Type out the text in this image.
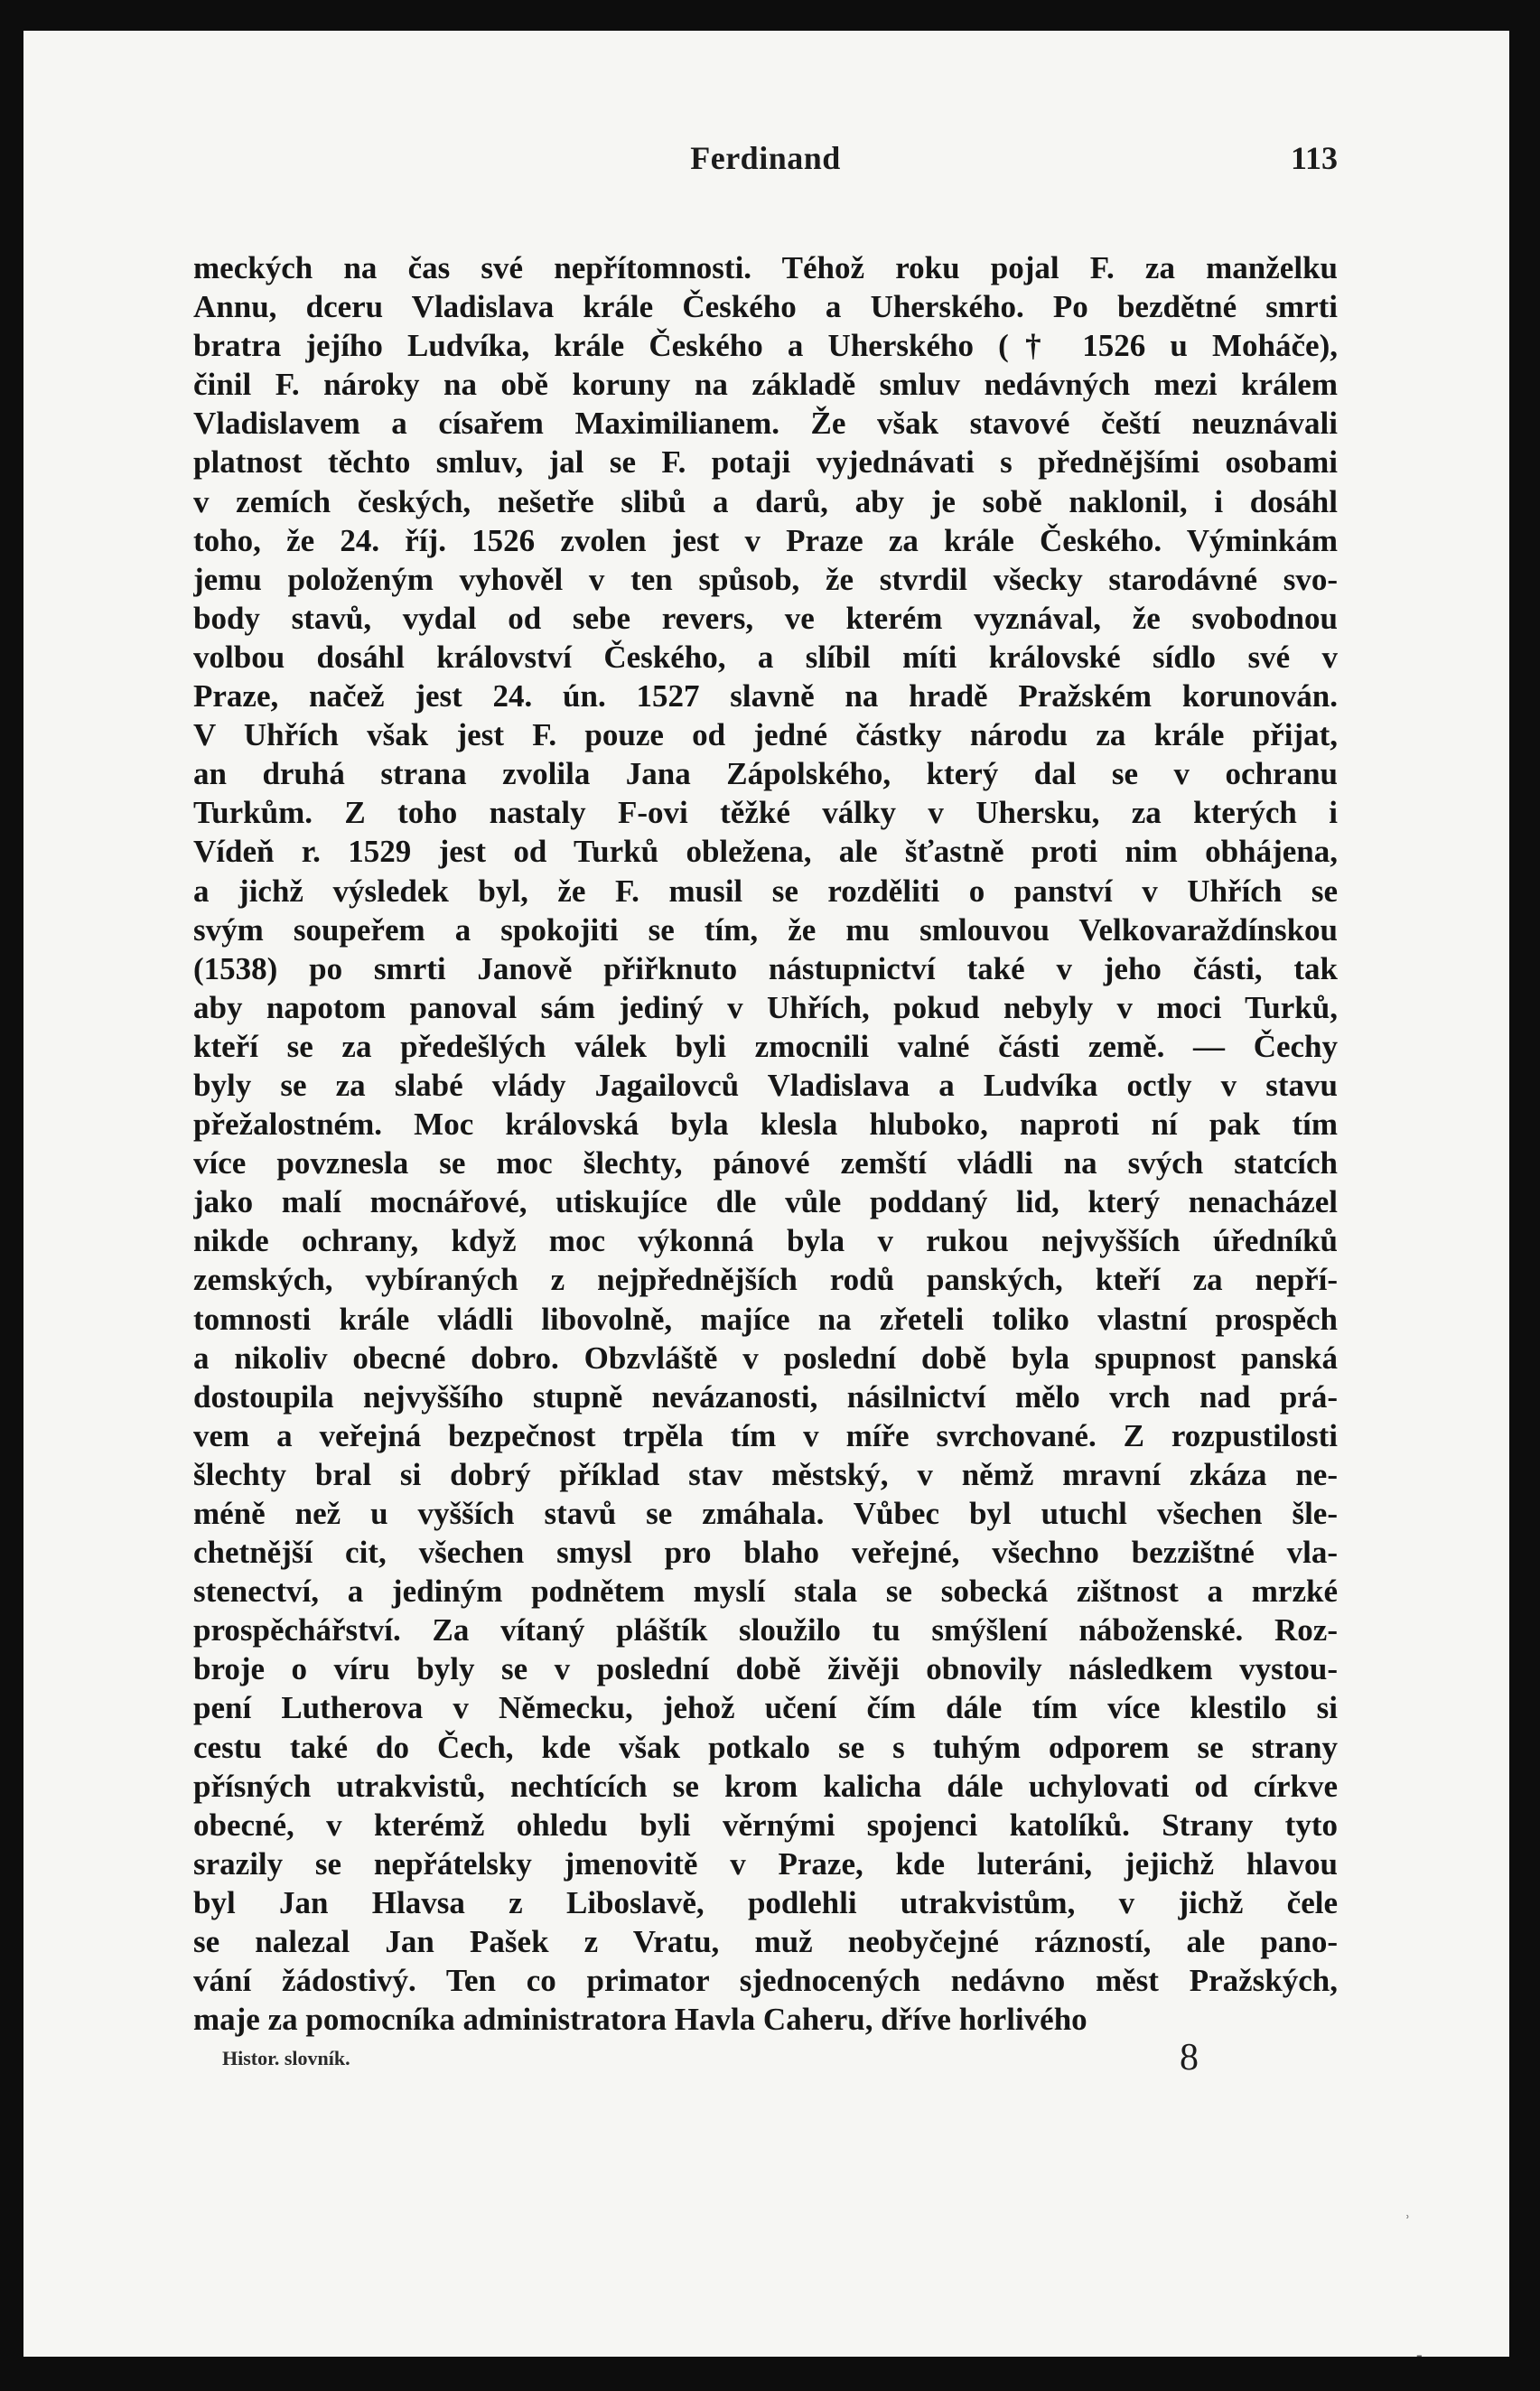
Ferdinand	113
meckých na čas své nepřítomnosti. Téhož roku pojal F. za manželku
Annu, dceru Vladislava krále Českého a Uherského. Po bezdětné smrti
bratra jejího Ludvíka, krále Českého a Uherského († 1526 u Moháče),
činil F. nároky na obě koruny na základě smluv nedávných mezi králem
Vladislavem a císařem Maximilianem. Že však stavové čeští neuznávali
platnost těchto smluv, jal se F. potaji vyjednávati s přednějšími osobami
v zemích českých, nešetře slibů a darů, aby je sobě naklonil, i dosáhl
toho, že 24. říj. 1526 zvolen jest v Praze za krále Českého. Výminkám
jemu položeným vyhověl v ten spůsob, že stvrdil všecky starodávné svo-
body stavů, vydal od sebe revers, ve kterém vyznával, že svobodnou
volbou dosáhl království Českého, a slíbil míti královské sídlo své v
Praze, načež jest 24. ún. 1527 slavně na hradě Pražském korunován.
V Uhřích však jest F. pouze od jedné částky národu za krále přijat,
an druhá strana zvolila Jana Zápolského, který dal se v ochranu
Turkům. Z toho nastaly F-ovi těžké války v Uhersku, za kterých i
Vídeň r. 1529 jest od Turků obležena, ale šťastně proti nim obhájena,
a jichž výsledek byl, že F. musil se rozděliti o panství v Uhřích se
svým soupeřem a spokojiti se tím, že mu smlouvou Velkovaraždínskou
(1538) po smrti Janově přiřknuto nástupnictví také v jeho části, tak
aby napotom panoval sám jediný v Uhřích, pokud nebyly v moci Turků,
kteří se za předešlých válek byli zmocnili valné části země. — Čechy
byly se za slabé vlády Jagailovců Vladislava a Ludvíka octly v stavu
přežalostném. Moc královská byla klesla hluboko, naproti ní pak tím
více povznesla se moc šlechty, pánové zemští vládli na svých statcích
jako malí mocnářové, utiskujíce dle vůle poddaný lid, který nenacházel
nikde ochrany, když moc výkonná byla v rukou nejvyšších úředníků
zemských, vybíraných z nejpřednějších rodů panských, kteří za nepří-
tomnosti krále vládli libovolně, majíce na zřeteli toliko vlastní prospěch
a nikoliv obecné dobro. Obzvláště v poslední době byla spupnost panská
dostoupila nejvyššího stupně nevázanosti, násilnictví mělo vrch nad prá-
vem a veřejná bezpečnost trpěla tím v míře svrchované. Z rozpustilosti
šlechty bral si dobrý příklad stav městský, v němž mravní zkáza ne-
méně než u vyšších stavů se zmáhala. Vůbec byl utuchl všechen šle-
chetnější cit, všechen smysl pro blaho veřejné, všechno bezzištné vla-
stenectví, a jediným podnětem myslí stala se sobecká zištnost a mrzké
prospěchářství. Za vítaný pláštík sloužilo tu smýšlení náboženské. Roz-
broje o víru byly se v poslední době živěji obnovily následkem vystou-
pení Lutherova v Německu, jehož učení čím dále tím více klestilo si
cestu také do Čech, kde však potkalo se s tuhým odporem se strany
přísných utrakvistů, nechtících se krom kalicha dále uchylovati od církve
obecné, v kterémž ohledu byli věrnými spojenci katolíků. Strany tyto
srazily se nepřátelsky jmenovitě v Praze, kde luteráni, jejichž hlavou
byl Jan Hlavsa z Liboslavě, podlehli utrakvistům, v jichž čele
se nalezal Jan Pašek z Vratu, muž neobyčejné rázností, ale pano-
vání žádostivý. Ten co primator sjednocených nedávno měst Pražských,
maje za pomocníka administratora Havla Caheru, dříve horlivého
Histor. slovník.	8
˒
-
